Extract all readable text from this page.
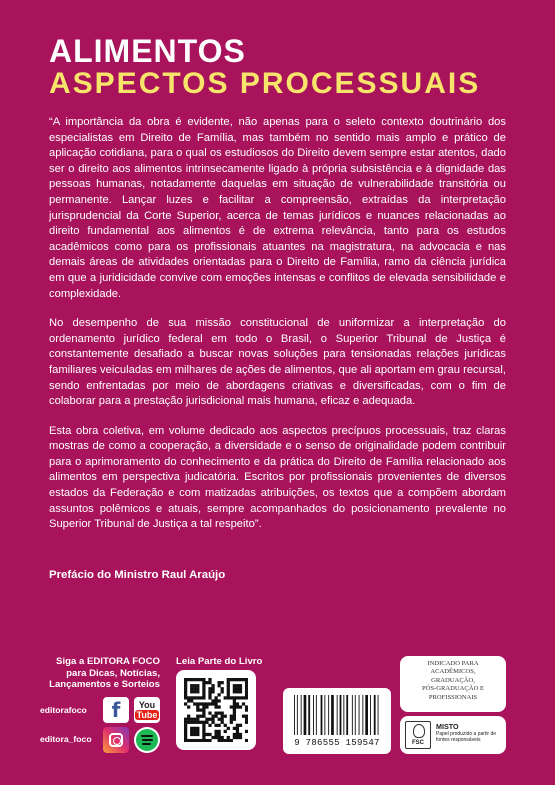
ALIMENTOS
ASPECTOS PROCESSUAIS

“A importância da obra é evidente, não apenas para o seleto contexto doutrinário dos especialistas em Direito de Família, mas também no sentido mais amplo e prático de aplicação cotidiana, para o qual os estudiosos do Direito devem sempre estar atentos, dado ser o direito aos alimentos intrinsecamente ligado à própria subsistência e à dignidade das pessoas humanas, notadamente daquelas em situação de vulnerabilidade transitória ou permanente. Lançar luzes e facilitar a compreensão, extraídas da interpretação jurisprudencial da Corte Superior, acerca de temas jurídicos e nuances relacionadas ao direito fundamental aos alimentos é de extrema relevância, tanto para os estudos acadêmicos como para os profissionais atuantes na magistratura, na advocacia e nas demais áreas de atividades orientadas para o Direito de Família, ramo da ciência jurídica em que a juridicidade convive com emoções intensas e conflitos de elevada sensibilidade e complexidade.

No desempenho de sua missão constitucional de uniformizar a interpretação do ordenamento jurídico federal em todo o Brasil, o Superior Tribunal de Justiça é constantemente desafiado a buscar novas soluções para tensionadas relações jurídicas familiares veiculadas em milhares de ações de alimentos, que ali aportam em grau recursal, sendo enfrentadas por meio de abordagens criativas e diversificadas, com o fim de colaborar para a prestação jurisdicional mais humana, eficaz e adequada.

Esta obra coletiva, em volume dedicado aos aspectos precípuos processuais, traz claras mostras de como a cooperação, a diversidade e o senso de originalidade podem contribuir para o aprimoramento do conhecimento e da prática do Direito de Família relacionado aos alimentos em perspectiva judicatória. Escritos por profissionais provenientes de diversos estados da Federação e com matizadas atribuições, os textos que a compõem abordam assuntos polêmicos e atuais, sempre acompanhados do posicionamento prevalente no Superior Tribunal de Justiça a tal respeito”.

Prefácio do Ministro Raul Araújo
Siga a EDITORA FOCO para Dicas, Notícias, Lançamentos e Sorteios
editorafoco
editora_foco
f You
Tube
Leia Parte do Livro
9 786555 159547
INDICADO PARA
ACADÊMICOS,
GRADUAÇÃO,
PÓS-GRADUAÇÃO E
PROFISSIONAIS
FSC
MISTO
Papel produzido a partir de fontes responsáveis
